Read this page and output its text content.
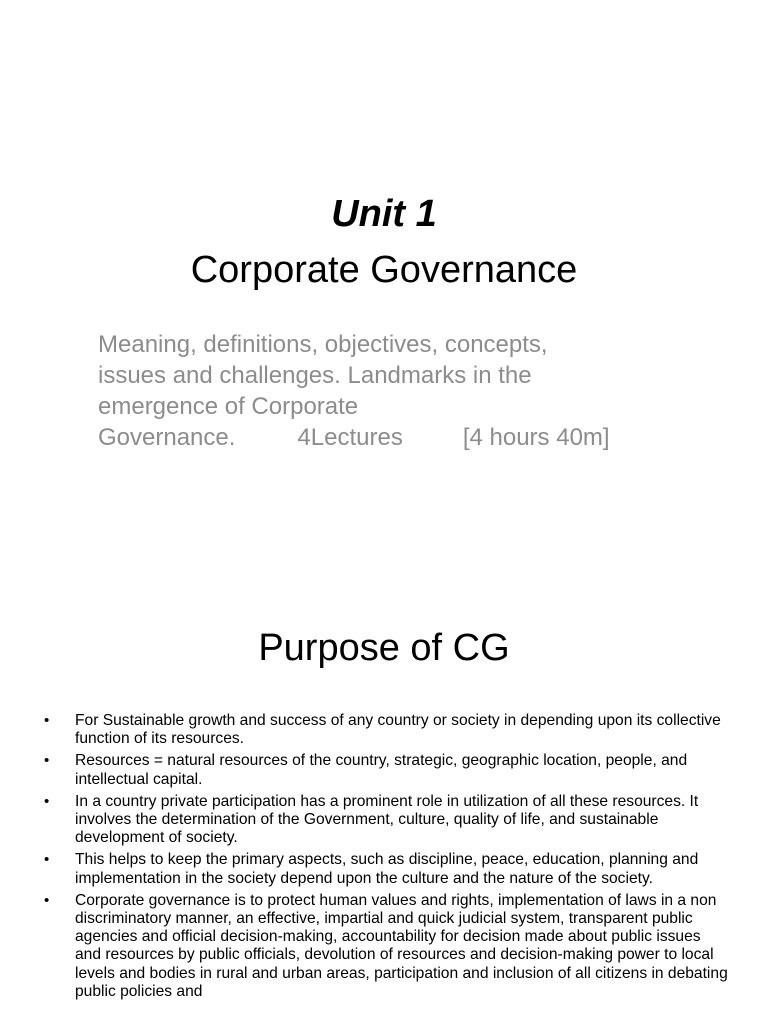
Unit 1
Corporate Governance
Meaning, definitions, objectives, concepts,
issues and challenges. Landmarks in the
emergence of Corporate
Governance.	4Lectures	[4 hours 40m]
Purpose of CG
• For Sustainable growth and success of any country or society in depending upon its collective function of its resources.
• Resources = natural resources of the country, strategic, geographic location, people, and intellectual capital.
• In a country private participation has a prominent role in utilization of all these resources. It involves the determination of the Government, culture, quality of life, and sustainable development of society.
• This helps to keep the primary aspects, such as discipline, peace, education, planning and implementation in the society depend upon the culture and the nature of the society.
• Corporate governance is to protect human values and rights, implementation of laws in a non discriminatory manner, an effective, impartial and quick judicial system, transparent public agencies and official decision-making, accountability for decision made about public issues and resources by public officials, devolution of resources and decision-making power to local levels and bodies in rural and urban areas, participation and inclusion of all citizens in debating public policies and
